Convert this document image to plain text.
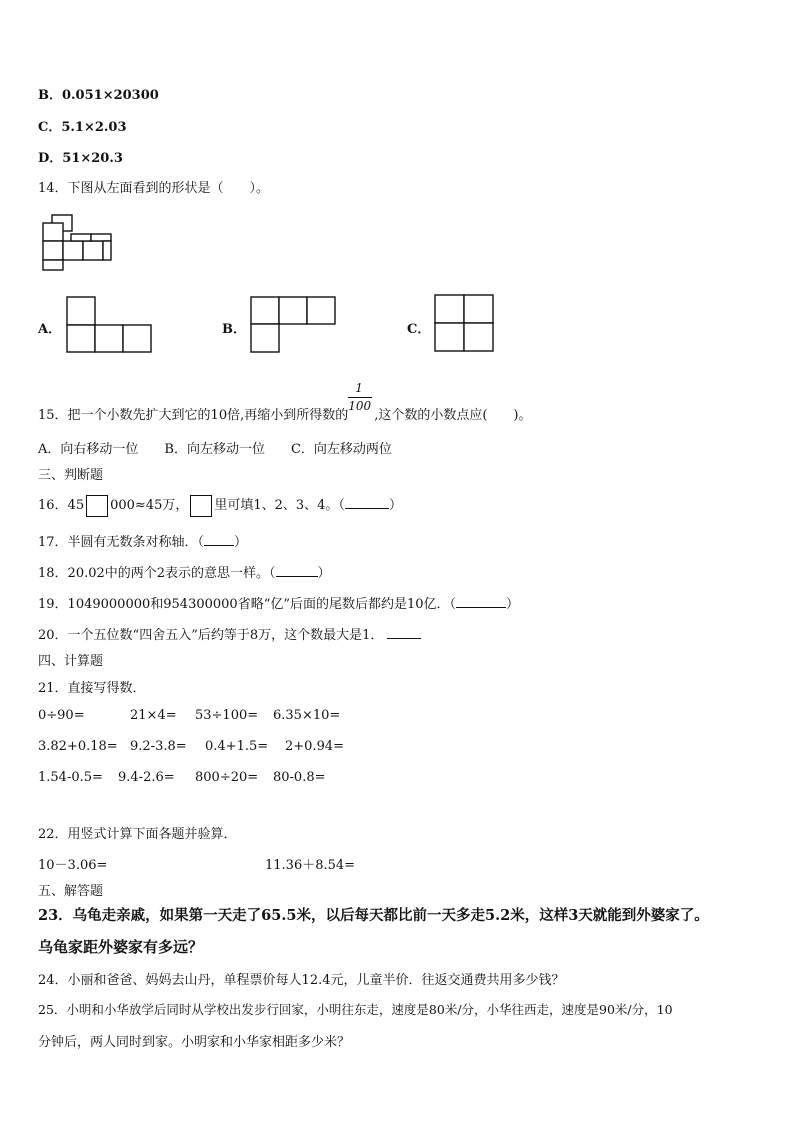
B．0.051×20300
C．5.1×2.03
D．51×20.3
14．下图从左面看到的形状是（　　）。
A．	B．	C．
15．把一个小数先扩大到它的10倍,再缩小到所得数的 $\frac{1}{100}$ ,这个数的小数点应(　　)。
A．向右移动一位　　B．向左移动一位　　C．向左移动两位
三、判断题
16．45 000≈45万， 里可填1、2、3、4。（	）
17．半圆有无数条对称轴．（ ）
18．20.02中的两个2表示的意思一样。（	）
19．1049000000和954300000省略“亿”后面的尾数后都约是10亿．（	）
20．一个五位数“四舍五入”后约等于8万，这个数最大是1．
四、计算题
21．直接写得数．
0÷90=	21×4= 53÷100= 6.35×10=
3.82+0.18= 9.2-3.8= 0.4+1.5= 2+0.94=
1.54-0.5= 9.4-2.6= 800÷20= 80-0.8=
22．用竖式计算下面各题并验算．
10－3.06=	11.36＋8.54=
五、解答题
23．乌龟走亲戚，如果第一天走了65.5米，以后每天都比前一天多走5.2米，这样3天就能到外婆家了。
乌龟家距外婆家有多远？
24．小丽和爸爸、妈妈去山丹，单程票价每人12.4元，儿童半价．往返交通费共用多少钱？
25．小明和小华放学后同时从学校出发步行回家，小明往东走，速度是80米/分，小华往西走，速度是90米/分，10
分钟后，两人同时到家。小明家和小华家相距多少米？
